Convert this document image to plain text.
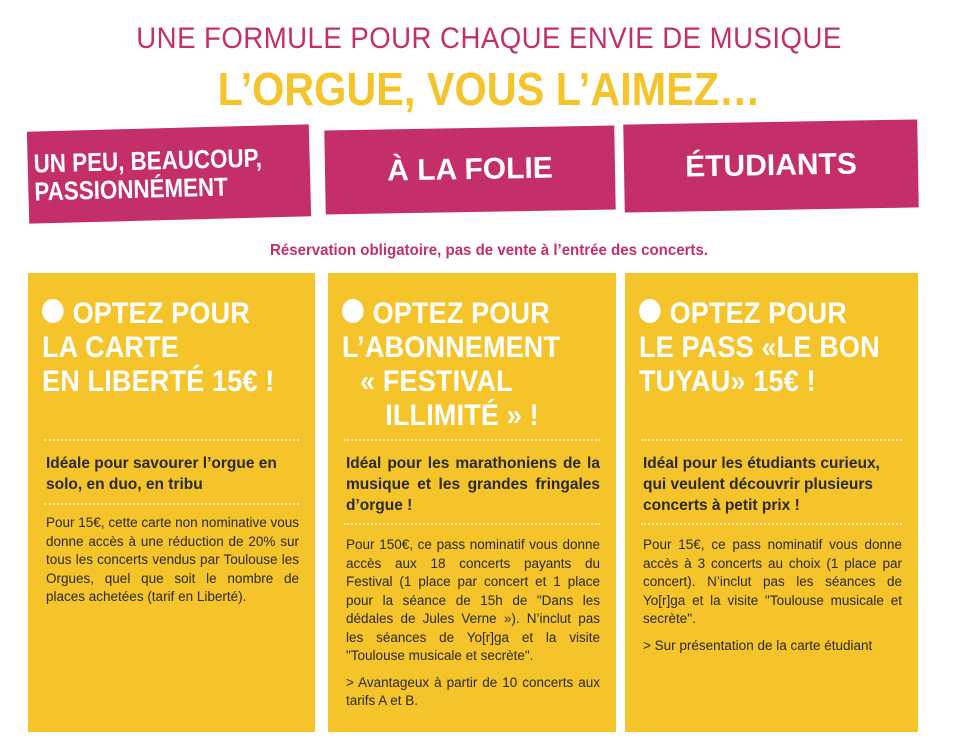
UNE FORMULE POUR CHAQUE ENVIE DE MUSIQUE
L’ORGUE, VOUS L’AIMEZ…
UN PEU, BEAUCOUP,
PASSIONNÉMENT
À LA FOLIE	ÉTUDIANTS
Réservation obligatoire, pas de vente à l’entrée des concerts.
OPTEZ POUR
LA CARTE
EN LIBERTÉ 15€ !
Idéale pour savourer l’orgue en solo, en duo, en tribu

Pour 15€, cette carte non nominative vous donne accès à une réduction de 20% sur tous les concerts vendus par Toulouse les Orgues, quel que soit le nombre de places achetées (tarif en Liberté).

OPTEZ POUR
L’ABONNEMENT
« FESTIVAL
ILLIMITÉ » !
Idéal pour les marathoniens de la musique et les grandes fringales d’orgue !

Pour 150€, ce pass nominatif vous donne accès aux 18 concerts payants du Festival (1 place par concert et 1 place pour la séance de 15h de "Dans les dédales de Jules Verne »). N’inclut pas les séances de Yo[r]ga et la visite "Toulouse musicale et secrète".

> Avantageux à partir de 10 concerts aux tarifs A et B.

OPTEZ POUR
LE PASS «LE BON
TUYAU» 15€ !
Idéal pour les étudiants curieux, qui veulent découvrir plusieurs concerts à petit prix !

Pour 15€, ce pass nominatif vous donne accès à 3 concerts au choix (1 place par concert). N’inclut pas les séances de Yo[r]ga et la visite "Toulouse musicale et secrète".

> Sur présentation de la carte étudiant
